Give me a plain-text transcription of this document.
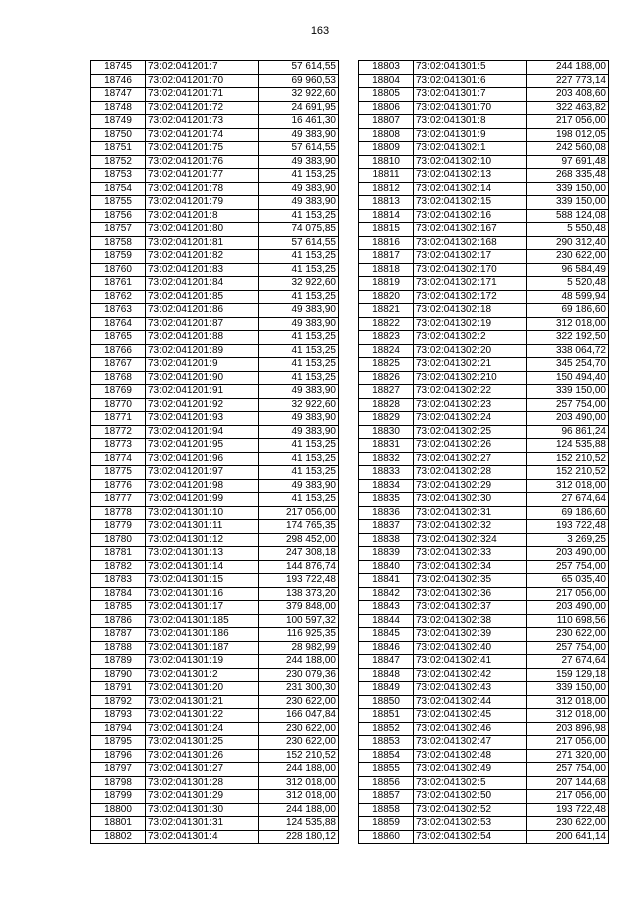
163
18745	73:02:041201:7	57 614,55
18746	73:02:041201:70	69 960,53
18747	73:02:041201:71	32 922,60
18748	73:02:041201:72	24 691,95
18749	73:02:041201:73	16 461,30
18750	73:02:041201:74	49 383,90
18751	73:02:041201:75	57 614,55
18752	73:02:041201:76	49 383,90
18753	73:02:041201:77	41 153,25
18754	73:02:041201:78	49 383,90
18755	73:02:041201:79	49 383,90
18756	73:02:041201:8	41 153,25
18757	73:02:041201:80	74 075,85
18758	73:02:041201:81	57 614,55
18759	73:02:041201:82	41 153,25
18760	73:02:041201:83	41 153,25
18761	73:02:041201:84	32 922,60
18762	73:02:041201:85	41 153,25
18763	73:02:041201:86	49 383,90
18764	73:02:041201:87	49 383,90
18765	73:02:041201:88	41 153,25
18766	73:02:041201:89	41 153,25
18767	73:02:041201:9	41 153,25
18768	73:02:041201:90	41 153,25
18769	73:02:041201:91	49 383,90
18770	73:02:041201:92	32 922,60
18771	73:02:041201:93	49 383,90
18772	73:02:041201:94	49 383,90
18773	73:02:041201:95	41 153,25
18774	73:02:041201:96	41 153,25
18775	73:02:041201:97	41 153,25
18776	73:02:041201:98	49 383,90
18777	73:02:041201:99	41 153,25
18778	73:02:041301:10	217 056,00
18779	73:02:041301:11	174 765,35
18780	73:02:041301:12	298 452,00
18781	73:02:041301:13	247 308,18
18782	73:02:041301:14	144 876,74
18783	73:02:041301:15	193 722,48
18784	73:02:041301:16	138 373,20
18785	73:02:041301:17	379 848,00
18786	73:02:041301:185	100 597,32
18787	73:02:041301:186	116 925,35
18788	73:02:041301:187	28 982,99
18789	73:02:041301:19	244 188,00
18790	73:02:041301:2	230 079,36
18791	73:02:041301:20	231 300,30
18792	73:02:041301:21	230 622,00
18793	73:02:041301:22	166 047,84
18794	73:02:041301:24	230 622,00
18795	73:02:041301:25	230 622,00
18796	73:02:041301:26	152 210,52
18797	73:02:041301:27	244 188,00
18798	73:02:041301:28	312 018,00
18799	73:02:041301:29	312 018,00
18800	73:02:041301:30	244 188,00
18801	73:02:041301:31	124 535,88
18802	73:02:041301:4	228 180,12
18803	73:02:041301:5	244 188,00
18804	73:02:041301:6	227 773,14
18805	73:02:041301:7	203 408,60
18806	73:02:041301:70	322 463,82
18807	73:02:041301:8	217 056,00
18808	73:02:041301:9	198 012,05
18809	73:02:041302:1	242 560,08
18810	73:02:041302:10	97 691,48
18811	73:02:041302:13	268 335,48
18812	73:02:041302:14	339 150,00
18813	73:02:041302:15	339 150,00
18814	73:02:041302:16	588 124,08
18815	73:02:041302:167	5 550,48
18816	73:02:041302:168	290 312,40
18817	73:02:041302:17	230 622,00
18818	73:02:041302:170	96 584,49
18819	73:02:041302:171	5 520,48
18820	73:02:041302:172	48 599,94
18821	73:02:041302:18	69 186,60
18822	73:02:041302:19	312 018,00
18823	73:02:041302:2	322 192,50
18824	73:02:041302:20	338 064,72
18825	73:02:041302:21	345 254,70
18826	73:02:041302:210	150 494,40
18827	73:02:041302:22	339 150,00
18828	73:02:041302:23	257 754,00
18829	73:02:041302:24	203 490,00
18830	73:02:041302:25	96 861,24
18831	73:02:041302:26	124 535,88
18832	73:02:041302:27	152 210,52
18833	73:02:041302:28	152 210,52
18834	73:02:041302:29	312 018,00
18835	73:02:041302:30	27 674,64
18836	73:02:041302:31	69 186,60
18837	73:02:041302:32	193 722,48
18838	73:02:041302:324	3 269,25
18839	73:02:041302:33	203 490,00
18840	73:02:041302:34	257 754,00
18841	73:02:041302:35	65 035,40
18842	73:02:041302:36	217 056,00
18843	73:02:041302:37	203 490,00
18844	73:02:041302:38	110 698,56
18845	73:02:041302:39	230 622,00
18846	73:02:041302:40	257 754,00
18847	73:02:041302:41	27 674,64
18848	73:02:041302:42	159 129,18
18849	73:02:041302:43	339 150,00
18850	73:02:041302:44	312 018,00
18851	73:02:041302:45	312 018,00
18852	73:02:041302:46	203 896,98
18853	73:02:041302:47	217 056,00
18854	73:02:041302:48	271 320,00
18855	73:02:041302:49	257 754,00
18856	73:02:041302:5	207 144,68
18857	73:02:041302:50	217 056,00
18858	73:02:041302:52	193 722,48
18859	73:02:041302:53	230 622,00
18860	73:02:041302:54	200 641,14
